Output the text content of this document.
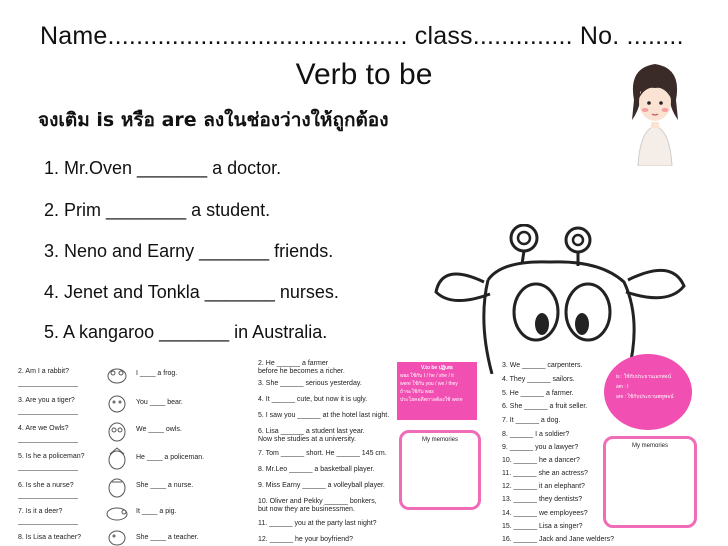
Name.......................................... class.............. No. ........
Verb to be
จงเติม is หรือ are ลงในช่องว่างให้ถูกต้อง
1. Mr.Oven _______ a doctor.
2. Prim ________ a student.
3. Neno and Earny _______ friends.
4. Jenet and Tonkla _______ nurses.
5. A kangaroo _______ in Australia.
2. Am I a rabbit?	I ____ a frog.
3. Are you a tiger?	You ____ bear.
4. Are we Owls?	We ____ owls.
5. Is he a policeman?	He ____ a policeman.
6. Is she a nurse?	She ____ a nurse.
7. Is it a deer?	It ____ a pig.
8. Is Lisa a teacher?	She ____ a teacher.
2. He ______ a farmer
before he becomes a richer.
3. She ______ serious yesterday.
4. It ______ cute, but now it is ugly.
5. I saw you ______ at the hotel last night.
6. Lisa ______ a student last year.
Now she studies at a university.
7. Tom ______ short. He ______ 145 cm.
8. Mr.Leo ______ a basketball player.
9. Miss Earny ______ a volleyball player.
10. Oliver and Pekky ______ bonkers,
but now they are businessmen.
11. ______ you at the party last night?
12. ______ he your boyfriend?
V.to be ปฏิเสธ
was ใช้กับ I / he / she / it
were ใช้กับ you / we / they
ถ้าจะใช้กับ was
ประโยคอดีตกาลต้องใช้ were
My memories
3. We ______ carpenters.
4. They ______ sailors.
5. He ______ a farmer.
6. She ______ a fruit seller.
7. It ______ a dog.
8. ______ I a soldier?
9. ______ you a lawyer?
10. ______ he a dancer?
11. ______ she an actress?
12. ______ it an elephant?
13. ______ they dentists?
14. ______ we employees?
15. ______ Lisa a singer?
16. ______ Jack and Jane welders?
is : ใช้กับประธานเอกพจน์
am : I
are : ใช้กับประธานพหูพจน์
My memories
